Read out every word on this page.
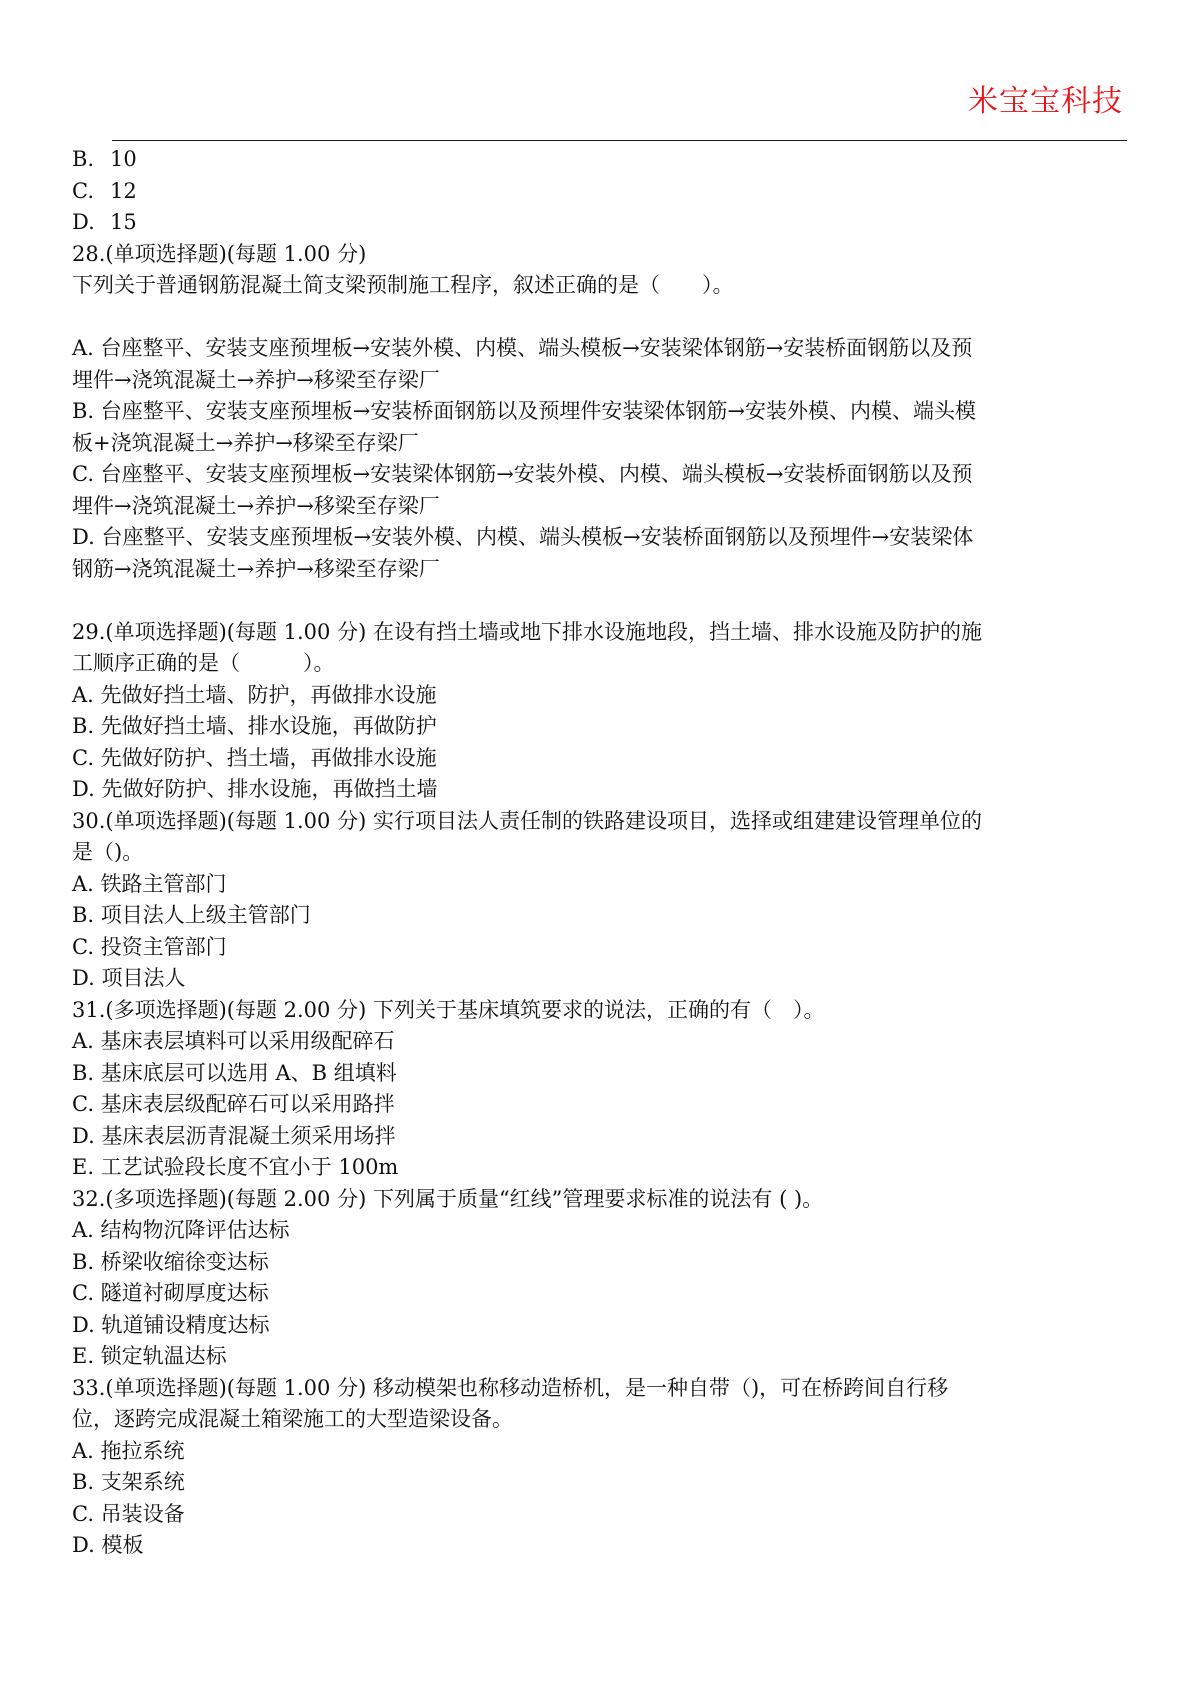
米宝宝科技
B. 10
C. 12
D. 15
28.(单项选择题)(每题 1.00 分)
下列关于普通钢筋混凝土简支梁预制施工程序，叙述正确的是（　　）。
A. 台座整平、安装支座预埋板→安装外模、内模、端头模板→安装梁体钢筋→安装桥面钢筋以及预
埋件→浇筑混凝土→养护→移梁至存梁厂
B. 台座整平、安装支座预埋板→安装桥面钢筋以及预埋件安装梁体钢筋→安装外模、内模、端头模
板+浇筑混凝土→养护→移梁至存梁厂
C. 台座整平、安装支座预埋板→安装梁体钢筋→安装外模、内模、端头模板→安装桥面钢筋以及预
埋件→浇筑混凝土→养护→移梁至存梁厂
D. 台座整平、安装支座预埋板→安装外模、内模、端头模板→安装桥面钢筋以及预埋件→安装梁体
钢筋→浇筑混凝土→养护→移梁至存梁厂
29.(单项选择题)(每题 1.00 分) 在设有挡土墙或地下排水设施地段，挡土墙、排水设施及防护的施
工顺序正确的是（　　　）。
A. 先做好挡土墙、防护，再做排水设施
B. 先做好挡土墙、排水设施，再做防护
C. 先做好防护、挡土墙，再做排水设施
D. 先做好防护、排水设施，再做挡土墙
30.(单项选择题)(每题 1.00 分) 实行项目法人责任制的铁路建设项目，选择或组建建设管理单位的
是（)。
A. 铁路主管部门
B. 项目法人上级主管部门
C. 投资主管部门
D. 项目法人
31.(多项选择题)(每题 2.00 分) 下列关于基床填筑要求的说法，正确的有（　）。
A. 基床表层填料可以采用级配碎石
B. 基床底层可以选用 A、B 组填料
C. 基床表层级配碎石可以采用路拌
D. 基床表层沥青混凝土须采用场拌
E. 工艺试验段长度不宜小于 100m
32.(多项选择题)(每题 2.00 分) 下列属于质量“红线”管理要求标准的说法有 ( )。
A. 结构物沉降评估达标
B. 桥梁收缩徐变达标
C. 隧道衬砌厚度达标
D. 轨道铺设精度达标
E. 锁定轨温达标
33.(单项选择题)(每题 1.00 分) 移动模架也称移动造桥机，是一种自带（)，可在桥跨间自行移
位，逐跨完成混凝土箱梁施工的大型造梁设备。
A. 拖拉系统
B. 支架系统
C. 吊装设备
D. 模板
